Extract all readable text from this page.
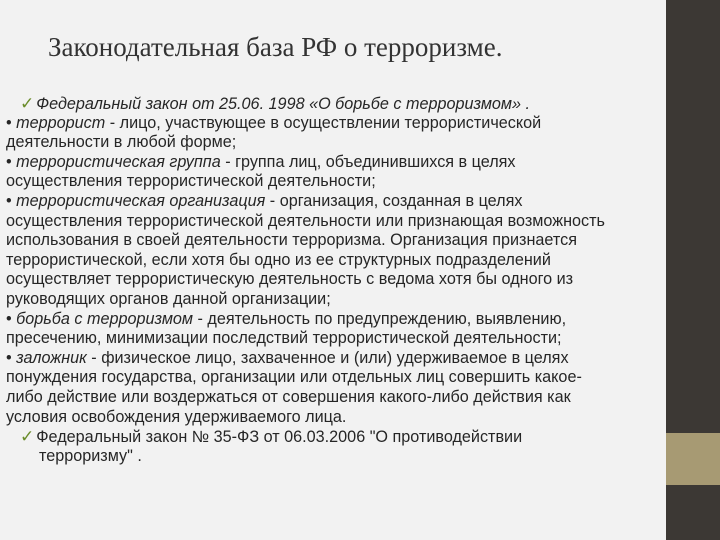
Законодательная база РФ о терроризме.
✓ Федеральный закон от 25.06. 1998 «О борьбе с терроризмом» .
• террорист - лицо, участвующее в осуществлении террористической
деятельности в любой форме;
• террористическая группа - группа лиц, объединившихся в целях
осуществления террористической деятельности;
• террористическая организация - организация, созданная в целях
осуществления террористической деятельности или признающая возможность
использования в своей деятельности терроризма. Организация признается
террористической, если хотя бы одно из ее структурных подразделений
осуществляет террористическую деятельность с ведома хотя бы одного из
руководящих органов данной организации;
• борьба с терроризмом - деятельность по предупреждению, выявлению,
пресечению, минимизации последствий террористической деятельности;
• заложник - физическое лицо, захваченное и (или) удерживаемое в целях
понуждения государства, организации или отдельных лиц совершить какое-
либо действие или воздержаться от совершения какого-либо действия как
условия освобождения удерживаемого лица.
✓ Федеральный закон № 35-ФЗ от 06.03.2006 "О противодействии
терроризму" .
